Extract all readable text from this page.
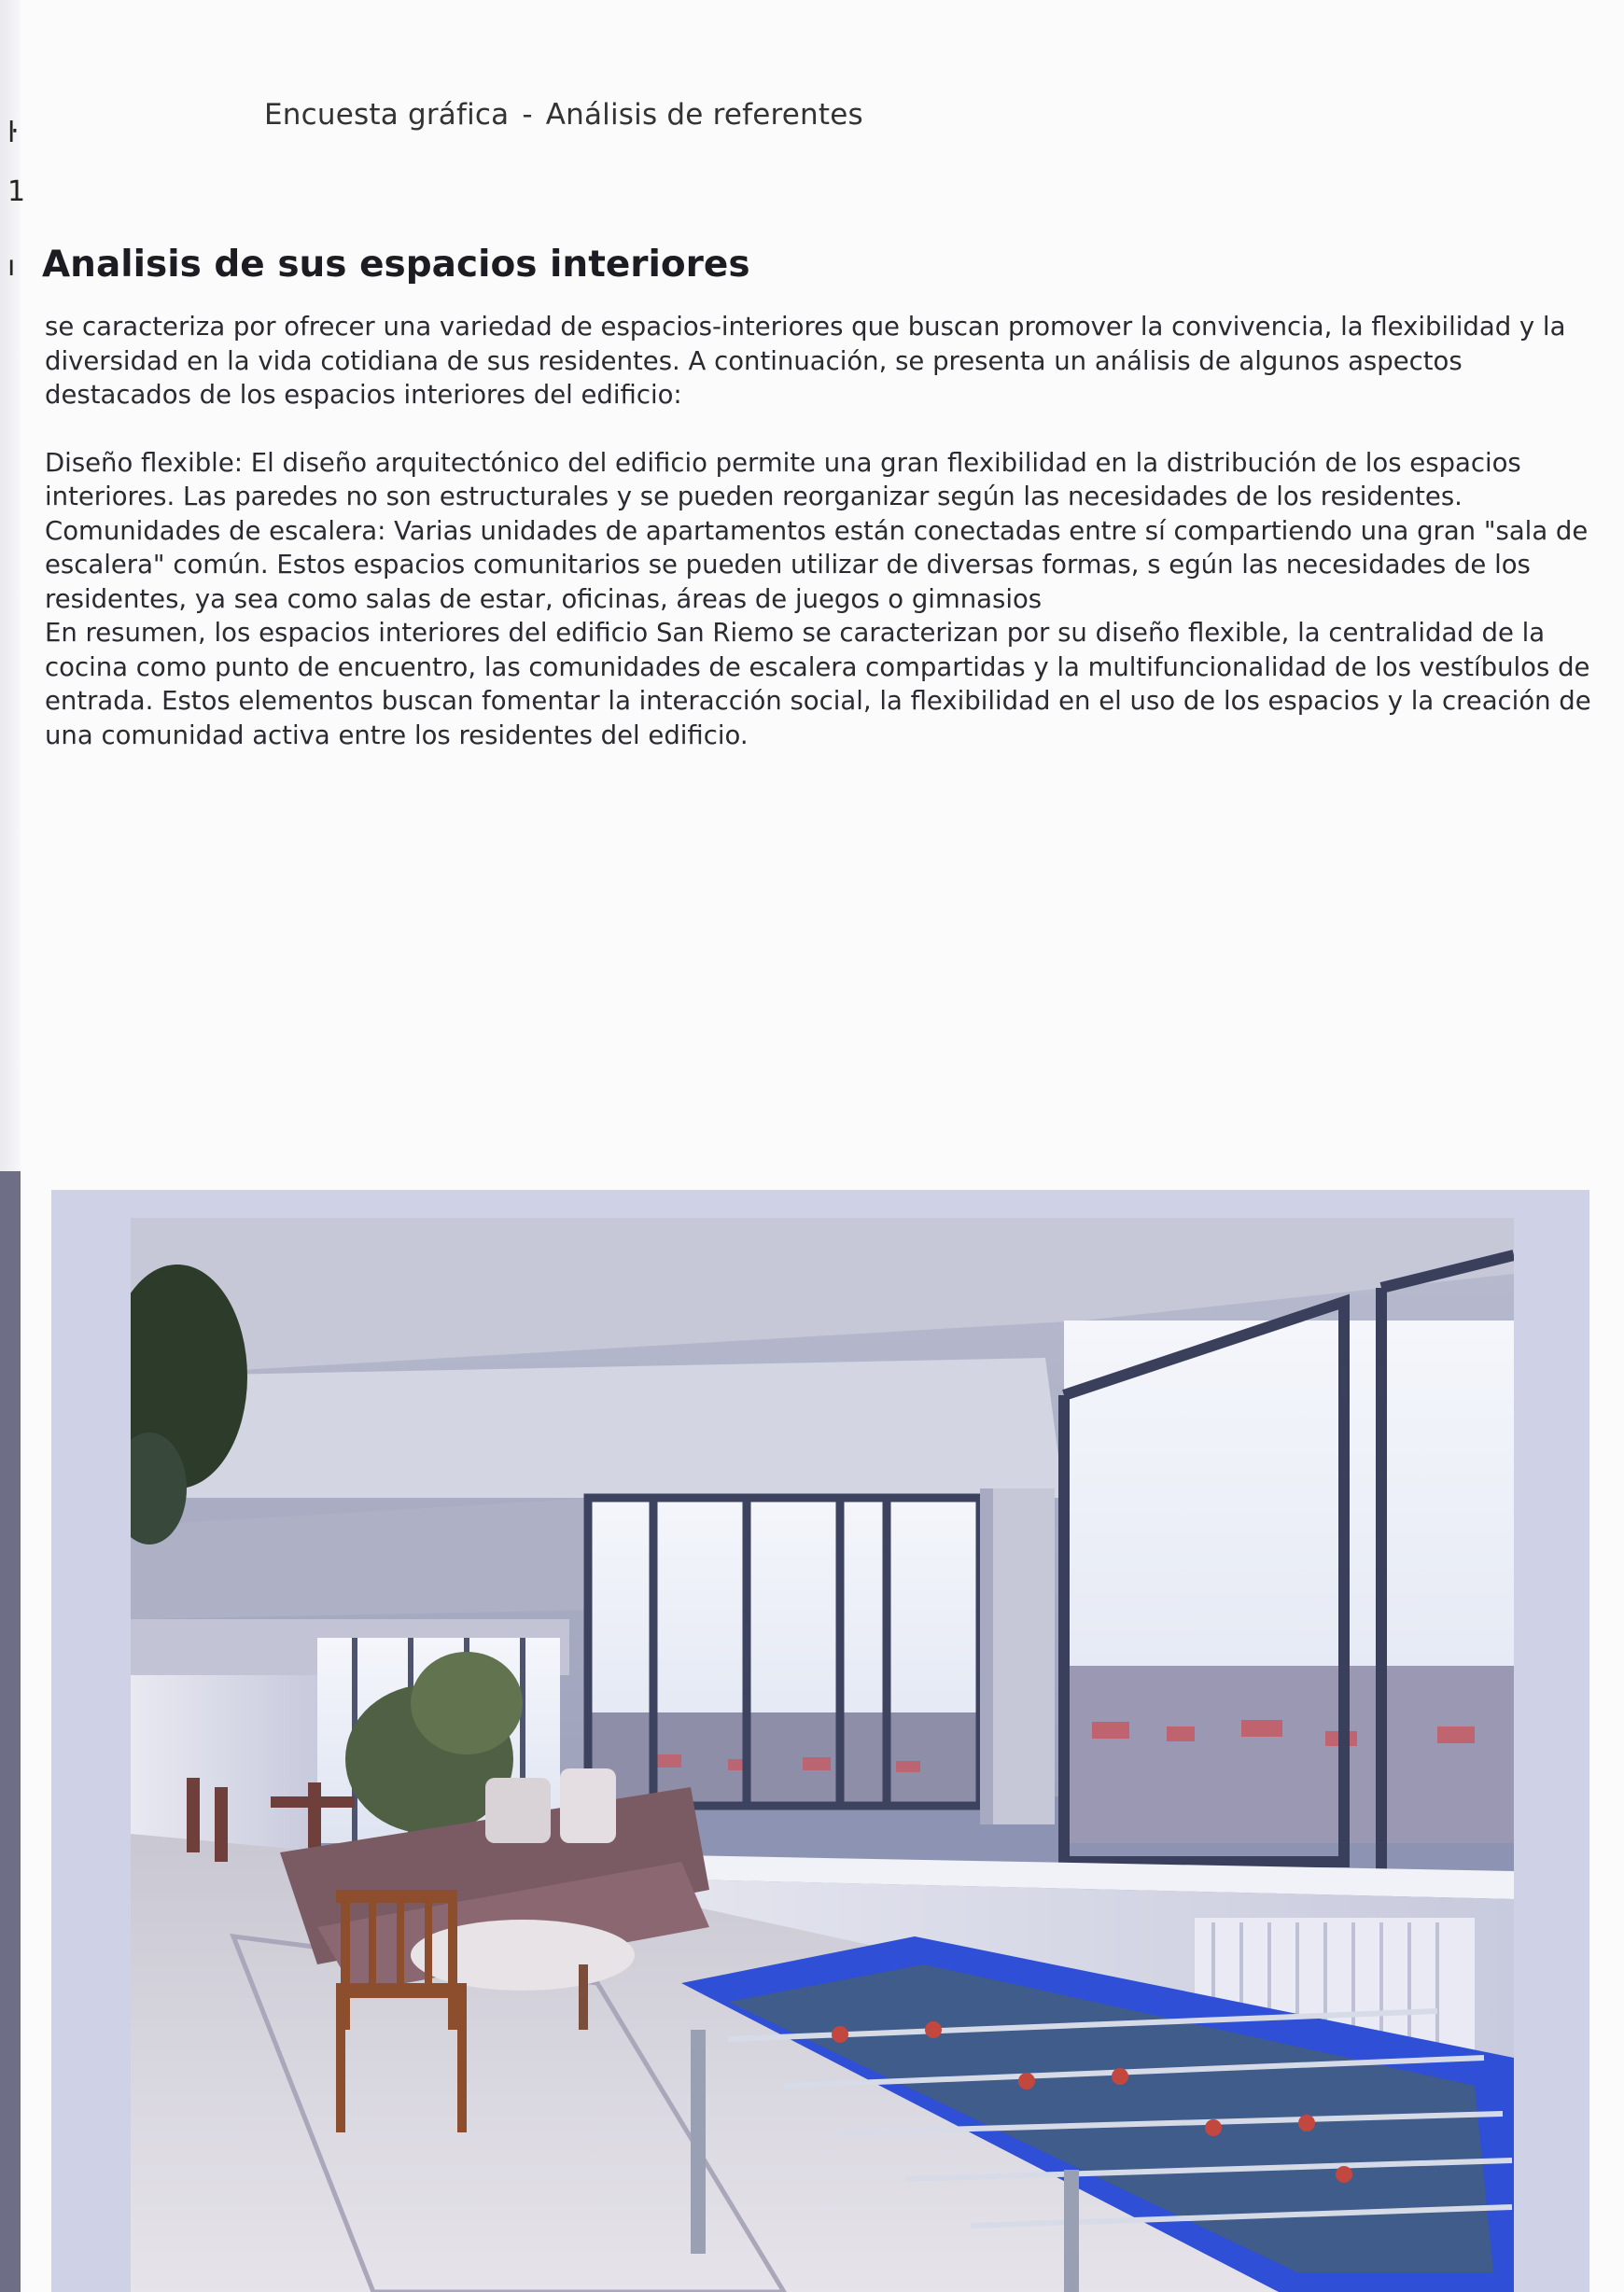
ŀ
1
ı
Encuesta gráfica - Análisis de referentes
Analisis de sus espacios interiores

se caracteriza por ofrecer una variedad de espacios-interiores que buscan promover la convivencia, la flexibilidad y la diversidad en la vida cotidiana de sus residentes. A continuación, se presenta un análisis de algunos aspectos destacados de los espacios interiores del edificio:

Diseño flexible: El diseño arquitectónico del edificio permite una gran flexibilidad en la distribución de los espacios interiores. Las paredes no son estructurales y se pueden reorganizar según las necesidades de los residentes.

Comunidades de escalera: Varias unidades de apartamentos están conectadas entre sí compartiendo una gran "sala de escalera" común. Estos espacios comunitarios se pueden utilizar de diversas formas, s egún las necesidades de los residentes, ya sea como salas de estar, oficinas, áreas de juegos o gimnasios

En resumen, los espacios interiores del edificio San Riemo se caracterizan por su diseño flexible, la centralidad de la cocina como punto de encuentro, las comunidades de escalera compartidas y la multifuncionalidad de los vestíbulos de entrada. Estos elementos buscan fomentar la interacción social, la flexibilidad en el uso de los espacios y la creación de una comunidad activa entre los residentes del edificio.
